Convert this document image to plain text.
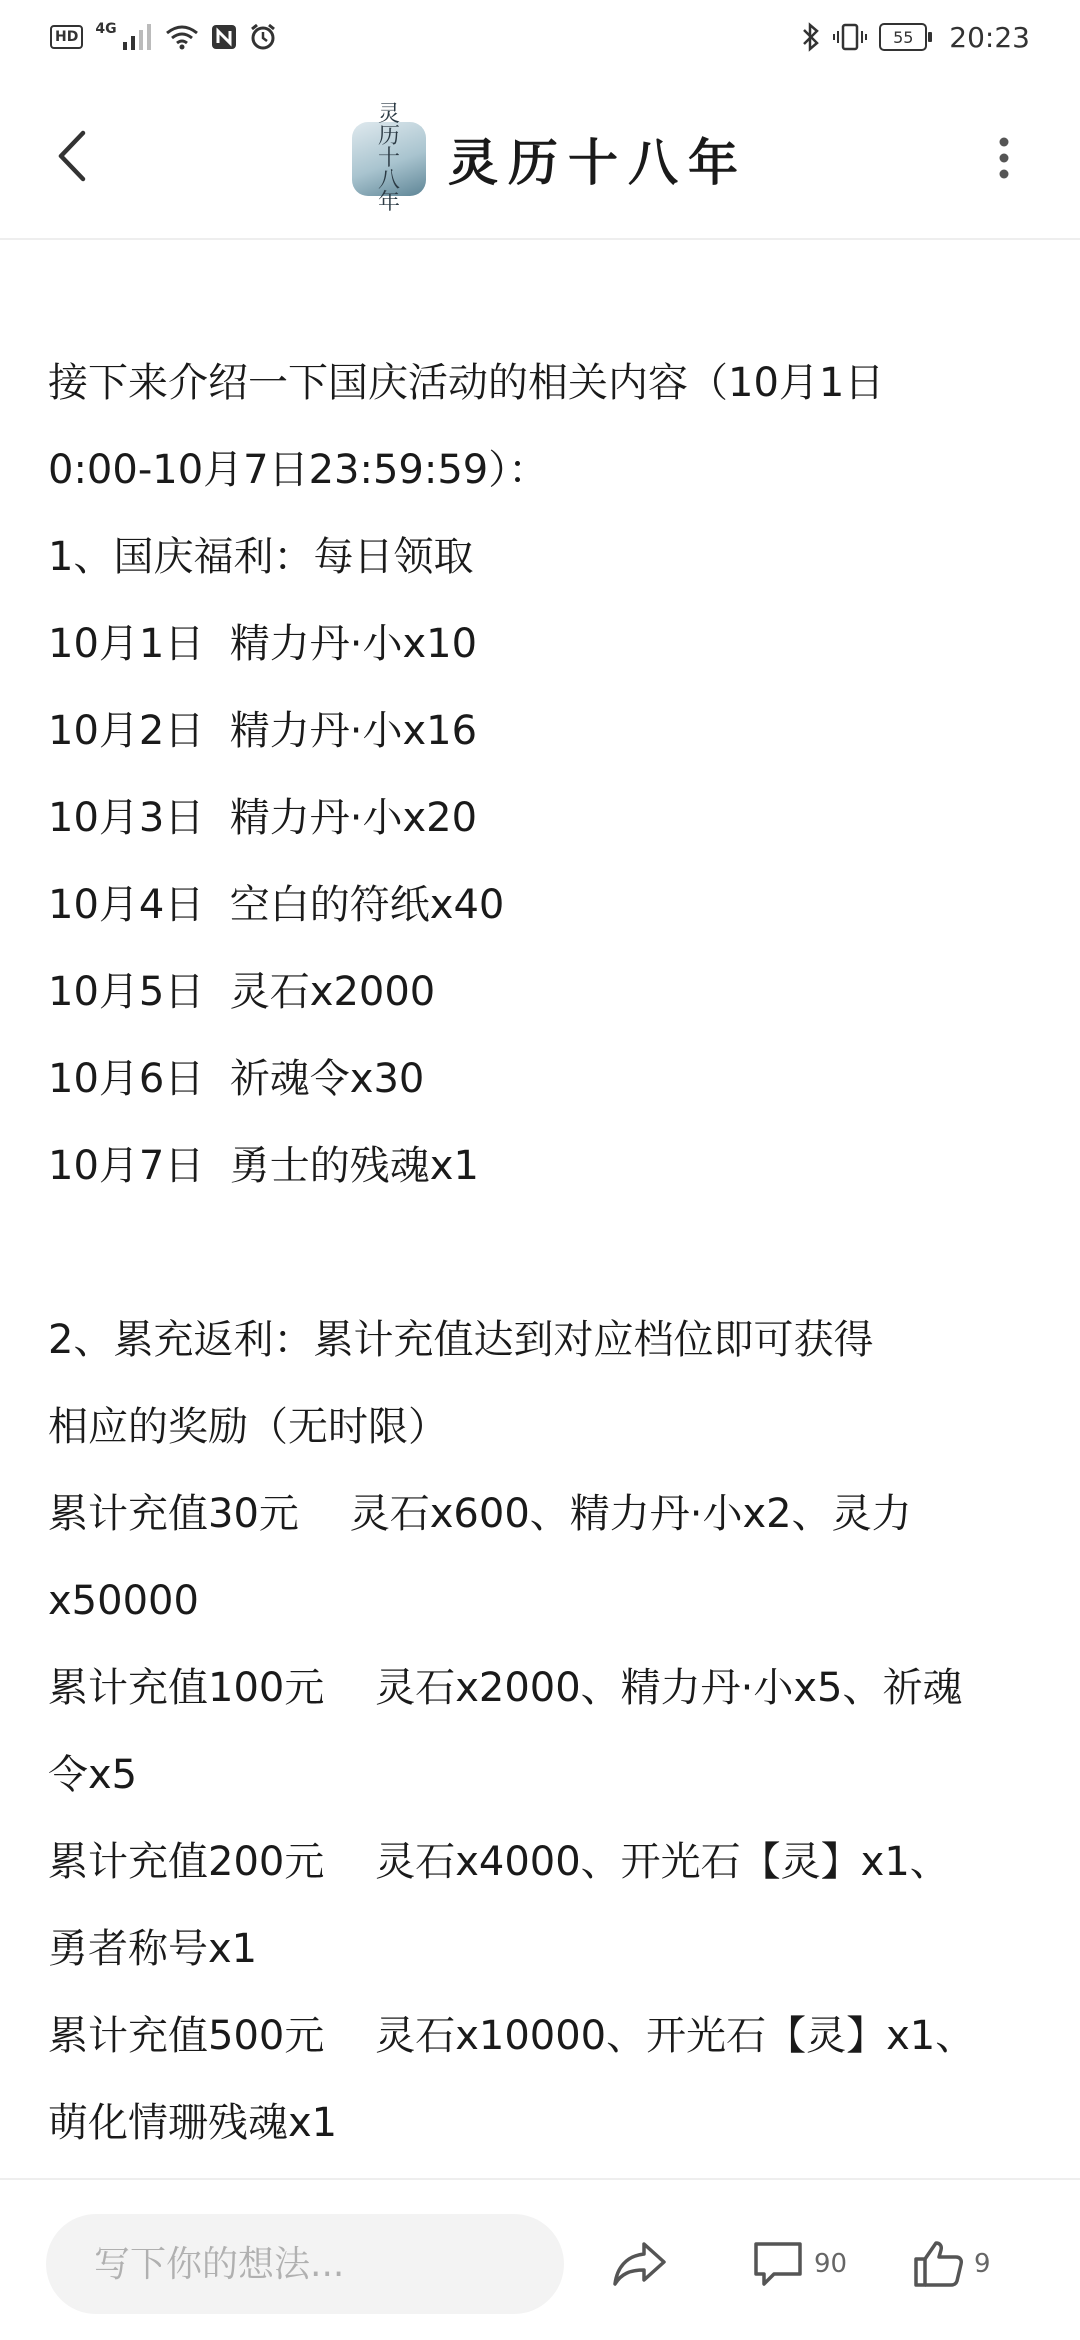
HD	4G	55	20:23
灵历十八年
灵历十八年
接下来介绍一下国庆活动的相关内容（10月1日
0:00-10月7日23:59:59）：
1、国庆福利：每日领取
10月1日  精力丹·小x10
10月2日  精力丹·小x16
10月3日  精力丹·小x20
10月4日  空白的符纸x40
10月5日  灵石x2000
10月6日  祈魂令x30
10月7日  勇士的残魂x1
2、累充返利：累计充值达到对应档位即可获得
相应的奖励（无时限）
累计充值30元    灵石x600、精力丹·小x2、灵力
x50000
累计充值100元    灵石x2000、精力丹·小x5、祈魂
令x5
累计充值200元    灵石x4000、开光石【灵】x1、
勇者称号x1
累计充值500元    灵石x10000、开光石【灵】x1、
萌化情珊残魂x1
写下你的想法...
90	9
